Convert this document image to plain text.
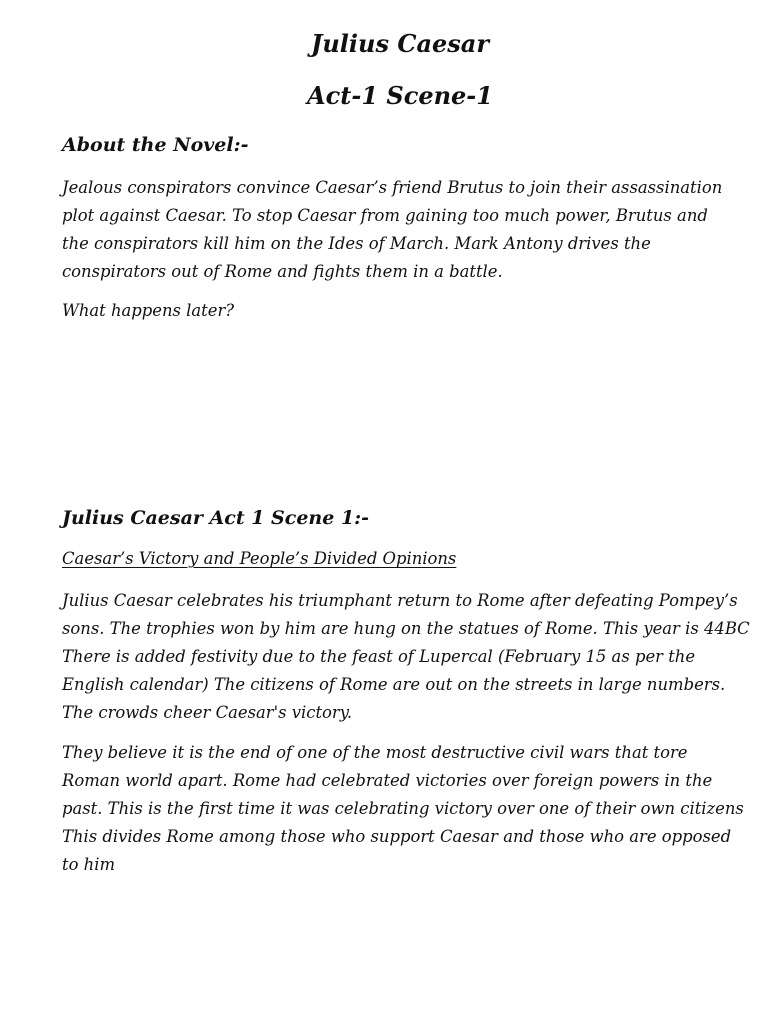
Julius Caesar
Act-1 Scene-1
About the Novel:-
Jealous conspirators convince Caesar’s friend Brutus to join their assassination
plot against Caesar. To stop Caesar from gaining too much power, Brutus and
the conspirators kill him on the Ides of March. Mark Antony drives the
conspirators out of Rome and fights them in a battle.
What happens later?
Julius Caesar Act 1 Scene 1:-
Caesar’s Victory and People’s Divided Opinions
Julius Caesar celebrates his triumphant return to Rome after defeating Pompey’s
sons. The trophies won by him are hung on the statues of Rome. This year is 44BC
There is added festivity due to the feast of Lupercal (February 15 as per the
English calendar) The citizens of Rome are out on the streets in large numbers.
The crowds cheer Caesar's victory.
They believe it is the end of one of the most destructive civil wars that tore
Roman world apart. Rome had celebrated victories over foreign powers in the
past. This is the first time it was celebrating victory over one of their own citizens
This divides Rome among those who support Caesar and those who are opposed
to him
